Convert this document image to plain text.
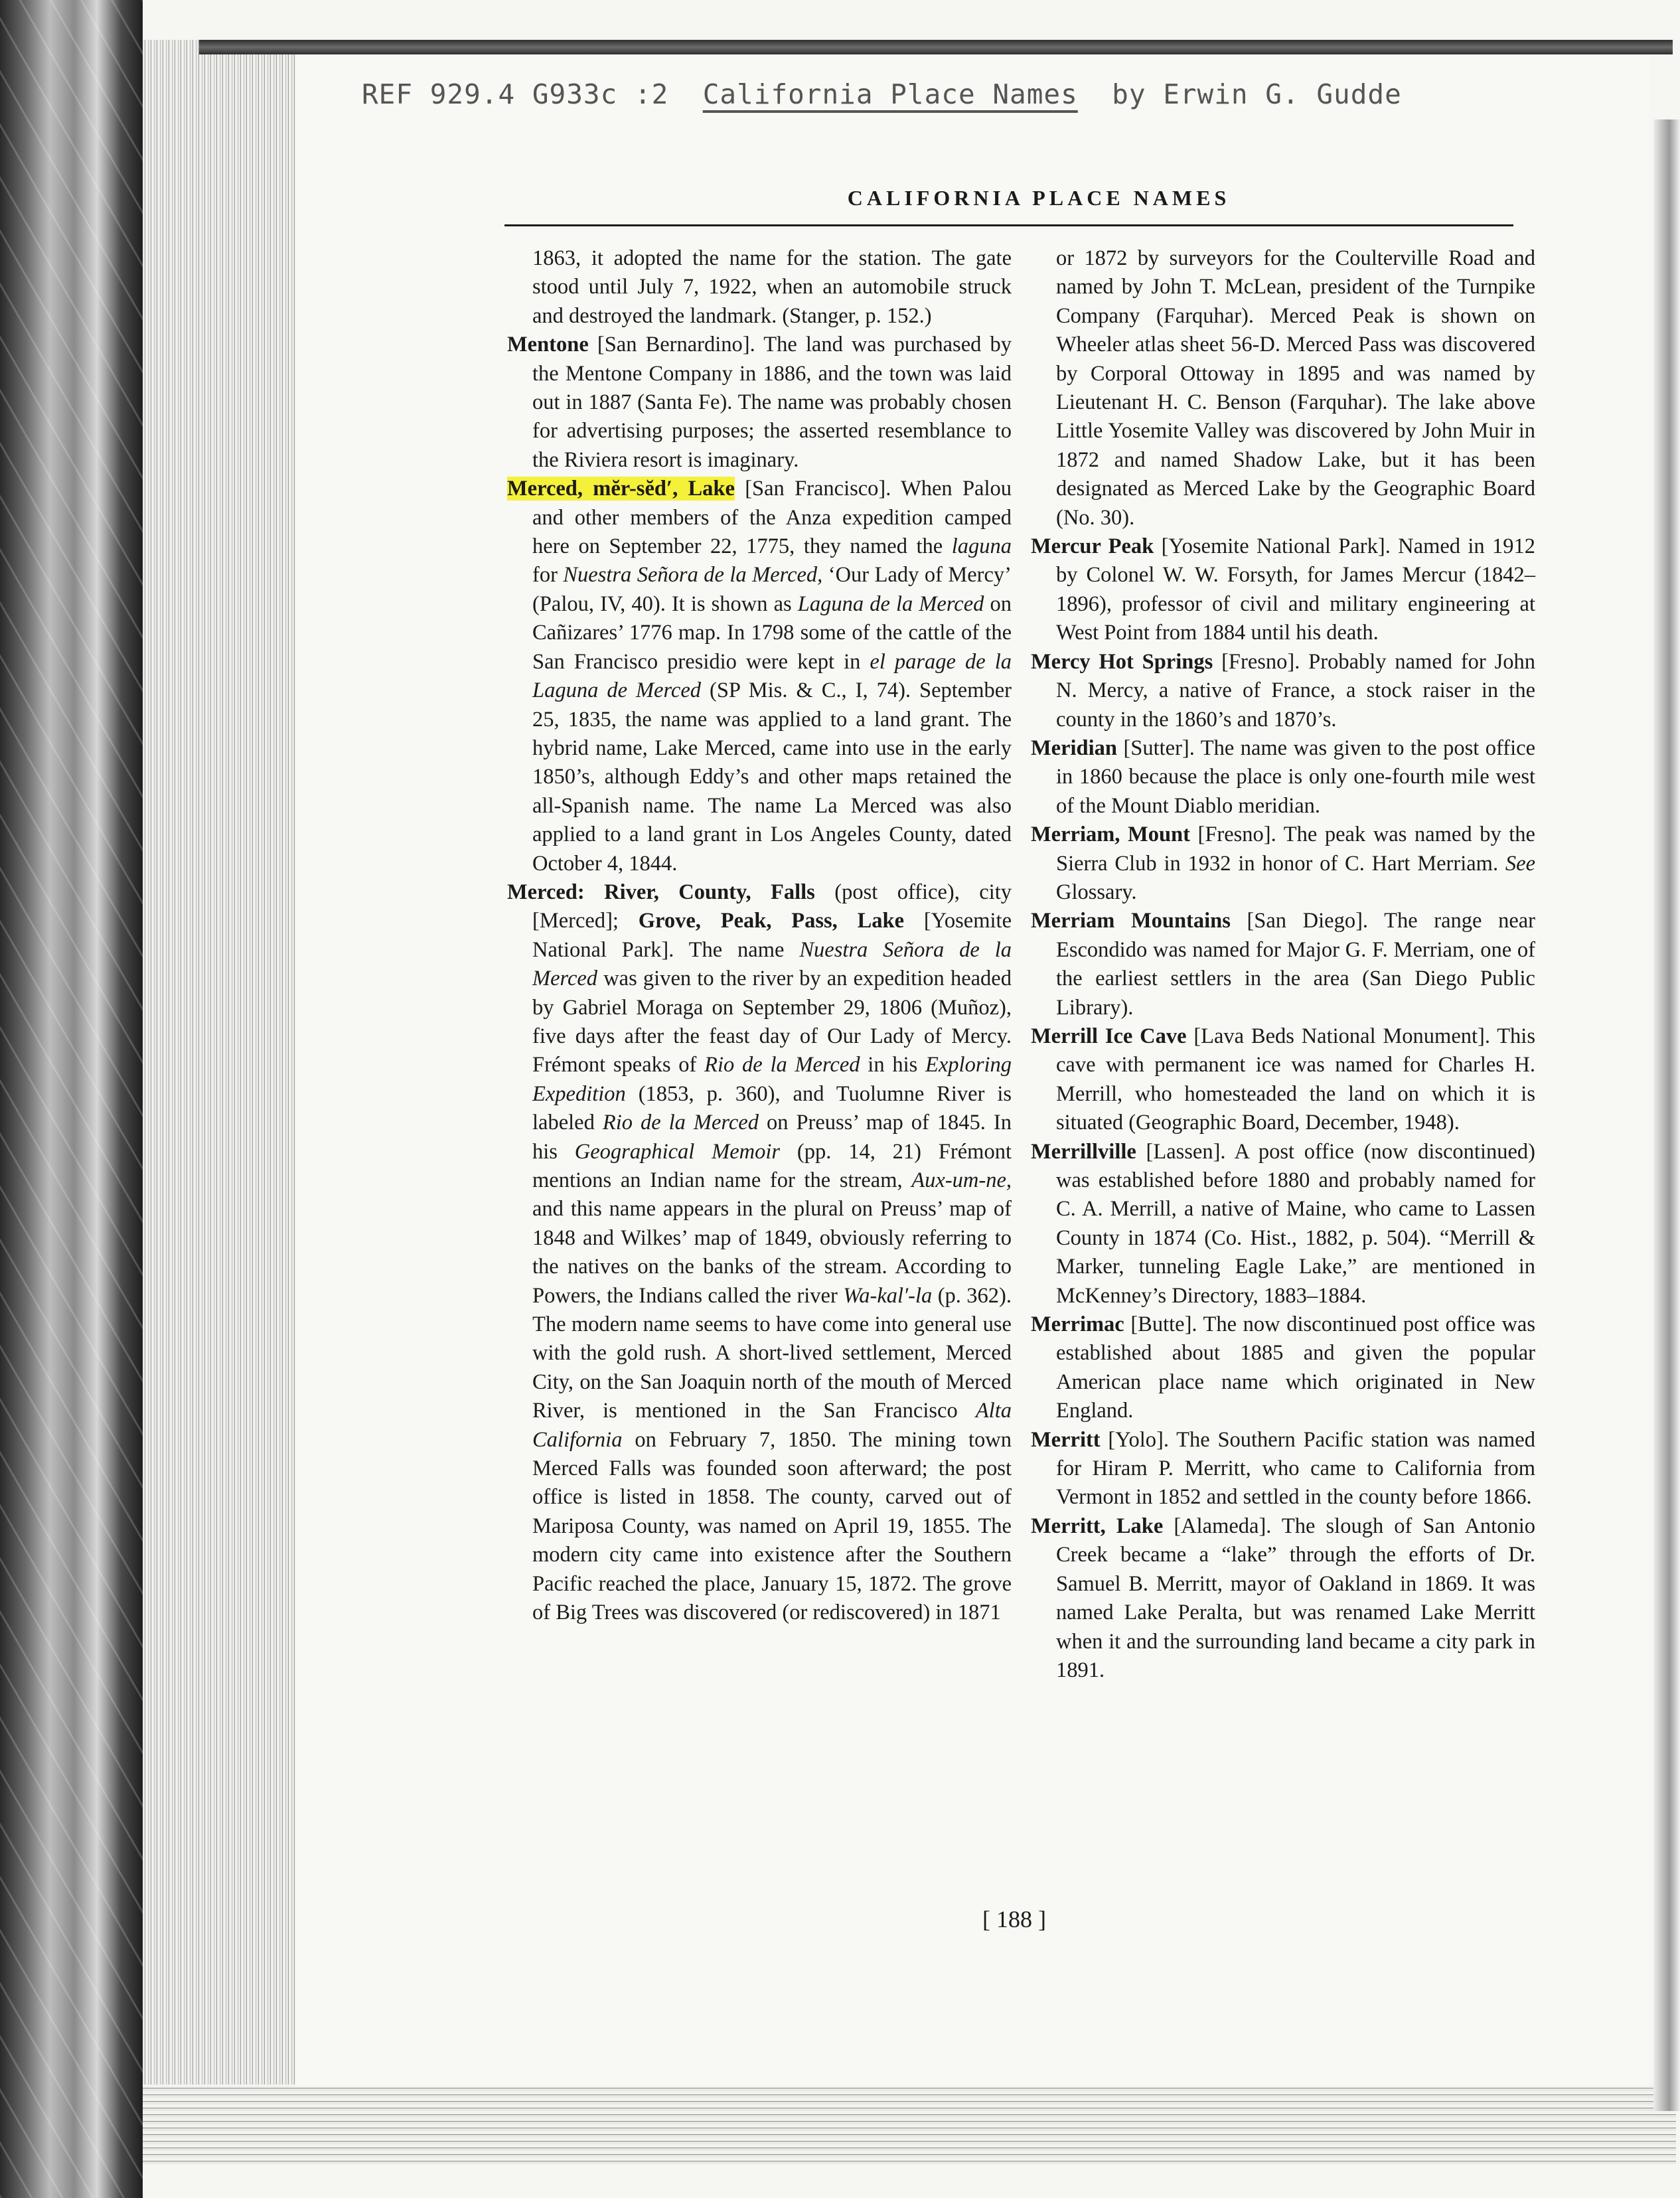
REF 929.4 G933c :2 California Place Names by Erwin G. Gudde
CALIFORNIA PLACE NAMES

1863, it adopted the name for the station. The gate stood until July 7, 1922, when an automobile struck and destroyed the landmark. (Stanger, p. 152.)

Mentone [San Bernardino]. The land was purchased by the Mentone Company in 1886, and the town was laid out in 1887 (Santa Fe). The name was probably chosen for advertising purposes; the asserted resemblance to the Riviera resort is imaginary.

Merced, mĕr-sĕd′, Lake [San Francisco]. When Palou and other members of the Anza expedition camped here on September 22, 1775, they named the laguna for Nuestra Señora de la Merced, ‘Our Lady of Mercy’ (Palou, IV, 40). It is shown as Laguna de la Merced on Cañizares’ 1776 map. In 1798 some of the cattle of the San Francisco presidio were kept in el parage de la Laguna de Merced (SP Mis. & C., I, 74). September 25, 1835, the name was applied to a land grant. The hybrid name, Lake Merced, came into use in the early 1850’s, although Eddy’s and other maps retained the all-Spanish name. The name La Merced was also applied to a land grant in Los Angeles County, dated October 4, 1844.

Merced: River, County, Falls (post office), city [Merced]; Grove, Peak, Pass, Lake [Yosemite National Park]. The name Nuestra Señora de la Merced was given to the river by an expedition headed by Gabriel Moraga on September 29, 1806 (Muñoz), five days after the feast day of Our Lady of Mercy. Frémont speaks of Rio de la Merced in his Exploring Expedition (1853, p. 360), and Tuolumne River is labeled Rio de la Merced on Preuss’ map of 1845. In his Geographical Memoir (pp. 14, 21) Frémont mentions an Indian name for the stream, Aux-um-ne, and this name appears in the plural on Preuss’ map of 1848 and Wilkes’ map of 1849, obviously referring to the natives on the banks of the stream. According to Powers, the Indians called the river Wa-kal′-la (p. 362). The modern name seems to have come into general use with the gold rush. A short-lived settlement, Merced City, on the San Joaquin north of the mouth of Merced River, is mentioned in the San Francisco Alta California on February 7, 1850. The mining town Merced Falls was founded soon afterward; the post office is listed in 1858. The county, carved out of Mariposa County, was named on April 19, 1855. The modern city came into existence after the Southern Pacific reached the place, January 15, 1872. The grove of Big Trees was discovered (or rediscovered) in 1871

or 1872 by surveyors for the Coulterville Road and named by John T. McLean, president of the Turnpike Company (Farquhar). Merced Peak is shown on Wheeler atlas sheet 56-D. Merced Pass was discovered by Corporal Ottoway in 1895 and was named by Lieutenant H. C. Benson (Farquhar). The lake above Little Yosemite Valley was discovered by John Muir in 1872 and named Shadow Lake, but it has been designated as Merced Lake by the Geographic Board (No. 30).

Mercur Peak [Yosemite National Park]. Named in 1912 by Colonel W. W. Forsyth, for James Mercur (1842–1896), professor of civil and military engineering at West Point from 1884 until his death.

Mercy Hot Springs [Fresno]. Probably named for John N. Mercy, a native of France, a stock raiser in the county in the 1860’s and 1870’s.

Meridian [Sutter]. The name was given to the post office in 1860 because the place is only one-fourth mile west of the Mount Diablo meridian.

Merriam, Mount [Fresno]. The peak was named by the Sierra Club in 1932 in honor of C. Hart Merriam. See Glossary.

Merriam Mountains [San Diego]. The range near Escondido was named for Major G. F. Merriam, one of the earliest settlers in the area (San Diego Public Library).

Merrill Ice Cave [Lava Beds National Monument]. This cave with permanent ice was named for Charles H. Merrill, who homesteaded the land on which it is situated (Geographic Board, December, 1948).

Merrillville [Lassen]. A post office (now discontinued) was established before 1880 and probably named for C. A. Merrill, a native of Maine, who came to Lassen County in 1874 (Co. Hist., 1882, p. 504). “Merrill & Marker, tunneling Eagle Lake,” are mentioned in McKenney’s Directory, 1883–1884.

Merrimac [Butte]. The now discontinued post office was established about 1885 and given the popular American place name which originated in New England.

Merritt [Yolo]. The Southern Pacific station was named for Hiram P. Merritt, who came to California from Vermont in 1852 and settled in the county before 1866.

Merritt, Lake [Alameda]. The slough of San Antonio Creek became a “lake” through the efforts of Dr. Samuel B. Merritt, mayor of Oakland in 1869. It was named Lake Peralta, but was renamed Lake Merritt when it and the surrounding land became a city park in 1891.

[ 188 ]
